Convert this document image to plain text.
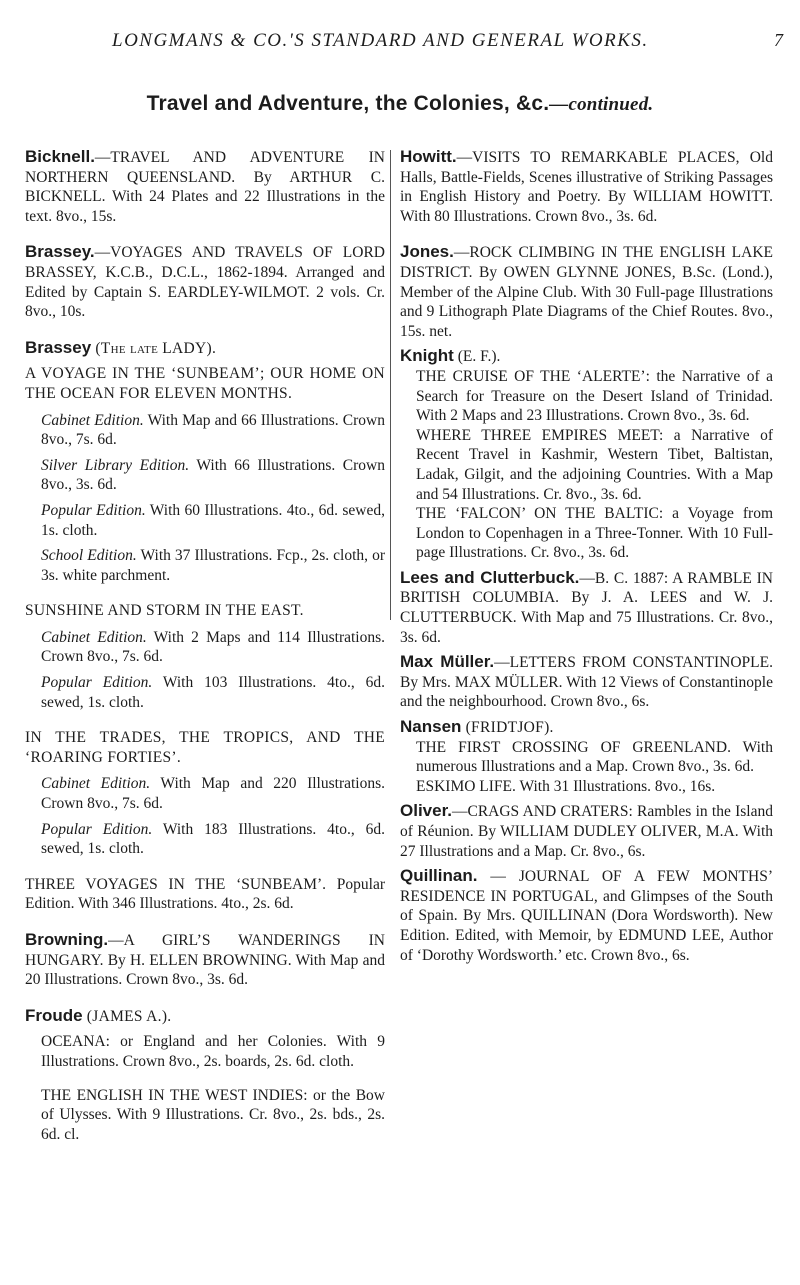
LONGMANS & CO.'S STANDARD AND GENERAL WORKS.	7
Travel and Adventure, the Colonies, &c.—continued.
Bicknell.—TRAVEL AND ADVENTURE IN NORTHERN QUEENSLAND. By ARTHUR C. BICKNELL. With 24 Plates and 22 Illustrations in the text. 8vo., 15s.
Brassey.—VOYAGES AND TRAVELS OF LORD BRASSEY, K.C.B., D.C.L., 1862-1894. Arranged and Edited by Captain S. EARDLEY-WILMOT. 2 vols. Cr. 8vo., 10s.
Brassey (The late LADY).
A VOYAGE IN THE ‘SUNBEAM’; OUR HOME ON THE OCEAN FOR ELEVEN MONTHS.

Cabinet Edition. With Map and 66 Illustrations. Crown 8vo., 7s. 6d.

Silver Library Edition. With 66 Illustrations. Crown 8vo., 3s. 6d.

Popular Edition. With 60 Illustrations. 4to., 6d. sewed, 1s. cloth.

School Edition. With 37 Illustrations. Fcp., 2s. cloth, or 3s. white parchment.

SUNSHINE AND STORM IN THE EAST.

Cabinet Edition. With 2 Maps and 114 Illustrations. Crown 8vo., 7s. 6d.

Popular Edition. With 103 Illustrations. 4to., 6d. sewed, 1s. cloth.

IN THE TRADES, THE TROPICS, AND THE ‘ROARING FORTIES’.

Cabinet Edition. With Map and 220 Illustrations. Crown 8vo., 7s. 6d.

Popular Edition. With 183 Illustrations. 4to., 6d. sewed, 1s. cloth.

THREE VOYAGES IN THE ‘SUNBEAM’. Popular Edition. With 346 Illustrations. 4to., 2s. 6d.
Browning.—A GIRL’S WANDERINGS IN HUNGARY. By H. ELLEN BROWNING. With Map and 20 Illustrations. Crown 8vo., 3s. 6d.
Froude (JAMES A.).
OCEANA: or England and her Colonies. With 9 Illustrations. Crown 8vo., 2s. boards, 2s. 6d. cloth.
THE ENGLISH IN THE WEST INDIES: or the Bow of Ulysses. With 9 Illustrations. Cr. 8vo., 2s. bds., 2s. 6d. cl.
Howitt.—VISITS TO REMARKABLE PLACES, Old Halls, Battle-Fields, Scenes illustrative of Striking Passages in English History and Poetry. By WILLIAM HOWITT. With 80 Illustrations. Crown 8vo., 3s. 6d.
Jones.—ROCK CLIMBING IN THE ENGLISH LAKE DISTRICT. By OWEN GLYNNE JONES, B.Sc. (Lond.), Member of the Alpine Club. With 30 Full-page Illustrations and 9 Lithograph Plate Diagrams of the Chief Routes. 8vo., 15s. net.
Knight (E. F.).
THE CRUISE OF THE ‘ALERTE’: the Narrative of a Search for Treasure on the Desert Island of Trinidad. With 2 Maps and 23 Illustrations. Crown 8vo., 3s. 6d.
WHERE THREE EMPIRES MEET: a Narrative of Recent Travel in Kashmir, Western Tibet, Baltistan, Ladak, Gilgit, and the adjoining Countries. With a Map and 54 Illustrations. Cr. 8vo., 3s. 6d.
THE ‘FALCON’ ON THE BALTIC: a Voyage from London to Copenhagen in a Three-Tonner. With 10 Full-page Illustrations. Cr. 8vo., 3s. 6d.
Lees and Clutterbuck.—B. C. 1887: A RAMBLE IN BRITISH COLUMBIA. By J. A. LEES and W. J. CLUTTERBUCK. With Map and 75 Illustrations. Cr. 8vo., 3s. 6d.
Max Müller.—LETTERS FROM CONSTANTINOPLE. By Mrs. MAX MÜLLER. With 12 Views of Constantinople and the neighbourhood. Crown 8vo., 6s.
Nansen (FRIDTJOF).
THE FIRST CROSSING OF GREENLAND. With numerous Illustrations and a Map. Crown 8vo., 3s. 6d.
ESKIMO LIFE. With 31 Illustrations. 8vo., 16s.
Oliver.—CRAGS AND CRATERS: Rambles in the Island of Réunion. By WILLIAM DUDLEY OLIVER, M.A. With 27 Illustrations and a Map. Cr. 8vo., 6s.
Quillinan. — JOURNAL OF A FEW MONTHS’ RESIDENCE IN PORTUGAL, and Glimpses of the South of Spain. By Mrs. QUILLINAN (Dora Wordsworth). New Edition. Edited, with Memoir, by EDMUND LEE, Author of ‘Dorothy Wordsworth.’ etc. Crown 8vo., 6s.
